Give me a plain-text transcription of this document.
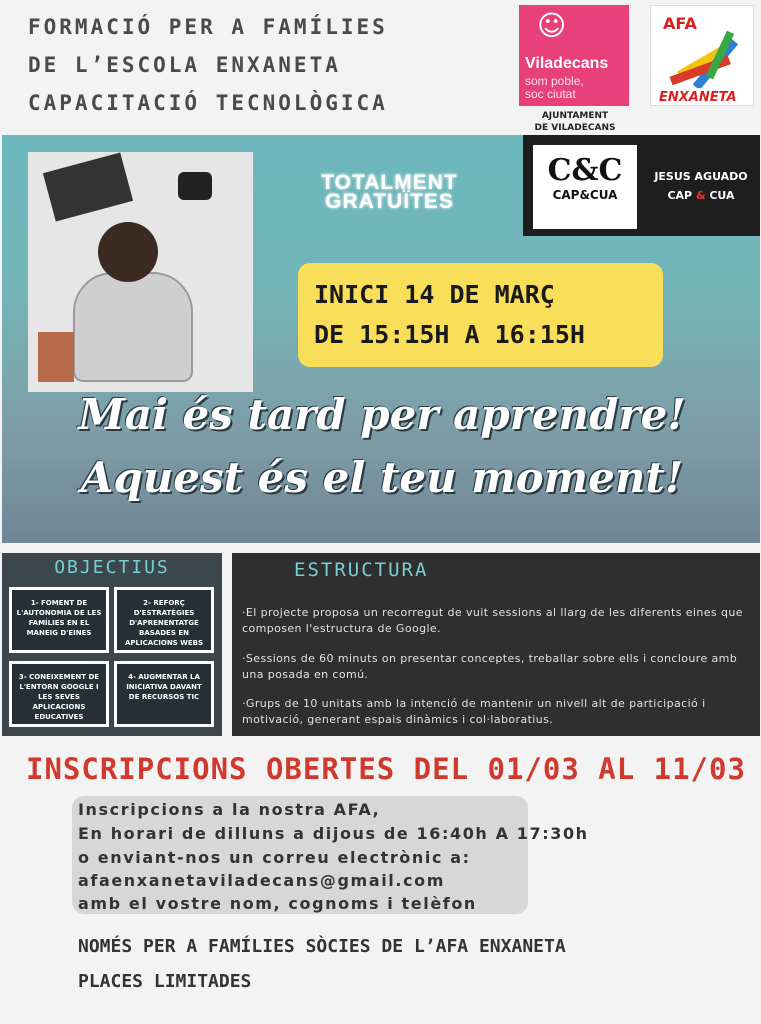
FORMACIÓ PER A FAMÍLIES
DE L’ESCOLA ENXANETA
CAPACITACIÓ TECNOLÒGICA
☺
Viladecans
som poble,
soc ciutat
AJUNTAMENT
DE VILADECANS
AFA
ENXANETA
TOTALMENT
GRATUÏTES
C&C
CAP&CUA
JESUS AGUADO
CAP & CUA
INICI 14 DE MARÇ
DE 15:15H A 16:15H
Mai és tard per aprendre!
Aquest és el teu moment!
OBJECTIUS
1- FOMENT DE L'AUTONOMIA DE LES FAMÍLIES EN EL MANEIG D'EINES
2- REFORÇ D'ESTRATÈGIES D'APRENENTATGE BASADES EN APLICACIONS WEBS
3- CONEIXEMENT DE L'ENTORN GOOGLE I LES SEVES APLICACIONS EDUCATIVES
4- AUGMENTAR LA INICIATIVA DAVANT DE RECURSOS TIC
ESTRUCTURA
·El projecte proposa un recorregut de vuit sessions al llarg de les diferents eines que composen l'estructura de Google.
·Sessions de 60 minuts on presentar conceptes, treballar sobre ells i concloure amb una posada en comú.
·Grups de 10 unitats amb la intenció de mantenir un nivell alt de participació i motivació, generant espais dinàmics i col·laboratius.
INSCRIPCIONS OBERTES DEL 01/03 AL 11/03
Inscripcions a la nostra AFA,
En horari de dilluns a dijous de 16:40h A 17:30h
o enviant-nos un correu electrònic a:
afaenxanetaviladecans@gmail.com
amb el vostre nom, cognoms i telèfon
NOMÉS PER A FAMÍLIES SÒCIES DE L’AFA ENXANETA
PLACES LIMITADES
